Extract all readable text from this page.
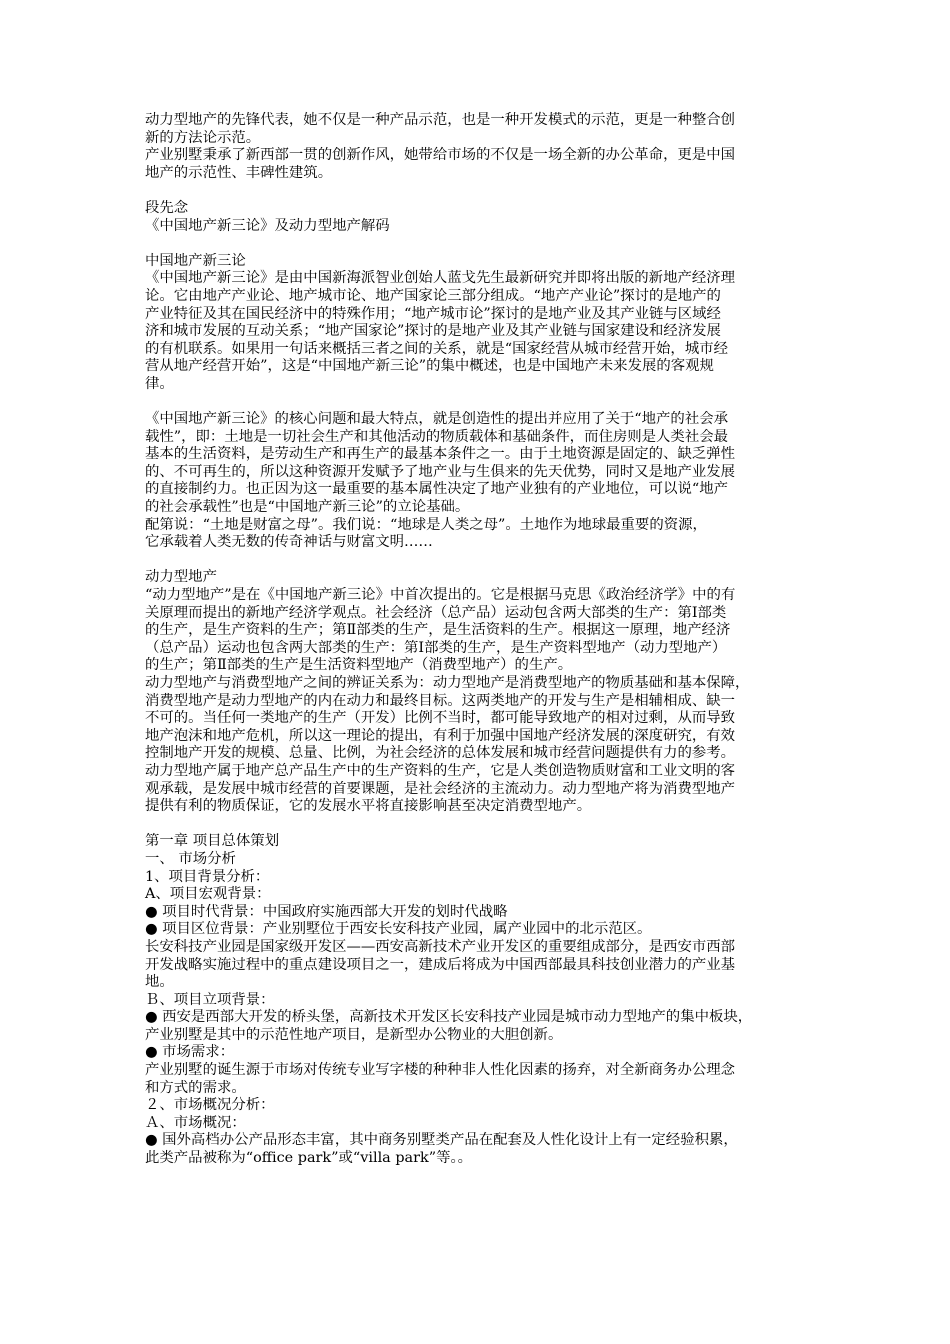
动力型地产的先锋代表，她不仅是一种产品示范，也是一种开发模式的示范，更是一种整合创
新的方法论示范。
产业别墅秉承了新西部一贯的创新作风，她带给市场的不仅是一场全新的办公革命，更是中国
地产的示范性、丰碑性建筑。
段先念
《中国地产新三论》及动力型地产解码
中国地产新三论
《中国地产新三论》是由中国新海派智业创始人蓝戈先生最新研究并即将出版的新地产经济理
论。它由地产产业论、地产城市论、地产国家论三部分组成。“地产产业论”探讨的是地产的
产业特征及其在国民经济中的特殊作用；“地产城市论”探讨的是地产业及其产业链与区域经
济和城市发展的互动关系；“地产国家论”探讨的是地产业及其产业链与国家建设和经济发展
的有机联系。如果用一句话来概括三者之间的关系，就是“国家经营从城市经营开始，城市经
营从地产经营开始”，这是“中国地产新三论”的集中概述，也是中国地产未来发展的客观规
律。
《中国地产新三论》的核心问题和最大特点，就是创造性的提出并应用了关于“地产的社会承
载性”，即：土地是一切社会生产和其他活动的物质载体和基础条件，而住房则是人类社会最
基本的生活资料，是劳动生产和再生产的最基本条件之一。由于土地资源是固定的、缺乏弹性
的、不可再生的，所以这种资源开发赋予了地产业与生俱来的先天优势，同时又是地产业发展
的直接制约力。也正因为这一最重要的基本属性决定了地产业独有的产业地位，可以说“地产
的社会承载性”也是“中国地产新三论”的立论基础。
配第说：“土地是财富之母”。我们说：“地球是人类之母”。土地作为地球最重要的资源，
它承载着人类无数的传奇神话与财富文明……
动力型地产
“动力型地产”是在《中国地产新三论》中首次提出的。它是根据马克思《政治经济学》中的有
关原理而提出的新地产经济学观点。社会经济（总产品）运动包含两大部类的生产：第Ⅰ部类
的生产，是生产资料的生产；第Ⅱ部类的生产，是生活资料的生产。根据这一原理，地产经济
（总产品）运动也包含两大部类的生产：第Ⅰ部类的生产，是生产资料型地产（动力型地产）
的生产；第Ⅱ部类的生产是生活资料型地产（消费型地产）的生产。
动力型地产与消费型地产之间的辨证关系为：动力型地产是消费型地产的物质基础和基本保障，
消费型地产是动力型地产的内在动力和最终目标。这两类地产的开发与生产是相辅相成、缺一
不可的。当任何一类地产的生产（开发）比例不当时，都可能导致地产的相对过剩，从而导致
地产泡沫和地产危机，所以这一理论的提出，有利于加强中国地产经济发展的深度研究，有效
控制地产开发的规模、总量、比例，为社会经济的总体发展和城市经营问题提供有力的参考。
动力型地产属于地产总产品生产中的生产资料的生产，它是人类创造物质财富和工业文明的客
观承载，是发展中城市经营的首要课题，是社会经济的主流动力。动力型地产将为消费型地产
提供有利的物质保证，它的发展水平将直接影响甚至决定消费型地产。
第一章 项目总体策划
一、 市场分析
1、项目背景分析：
A、项目宏观背景：
● 项目时代背景：中国政府实施西部大开发的划时代战略
● 项目区位背景：产业别墅位于西安长安科技产业园，属产业园中的北示范区。
长安科技产业园是国家级开发区——西安高新技术产业开发区的重要组成部分，是西安市西部
开发战略实施过程中的重点建设项目之一，建成后将成为中国西部最具科技创业潜力的产业基
地。
Ｂ、项目立项背景：
● 西安是西部大开发的桥头堡，高新技术开发区长安科技产业园是城市动力型地产的集中板块，
产业别墅是其中的示范性地产项目，是新型办公物业的大胆创新。
● 市场需求：
产业别墅的诞生源于市场对传统专业写字楼的种种非人性化因素的扬弃，对全新商务办公理念
和方式的需求。
２、市场概况分析：
Ａ、市场概况：
● 国外高档办公产品形态丰富，其中商务别墅类产品在配套及人性化设计上有一定经验积累，
此类产品被称为“office park”或“villa park”等。。
